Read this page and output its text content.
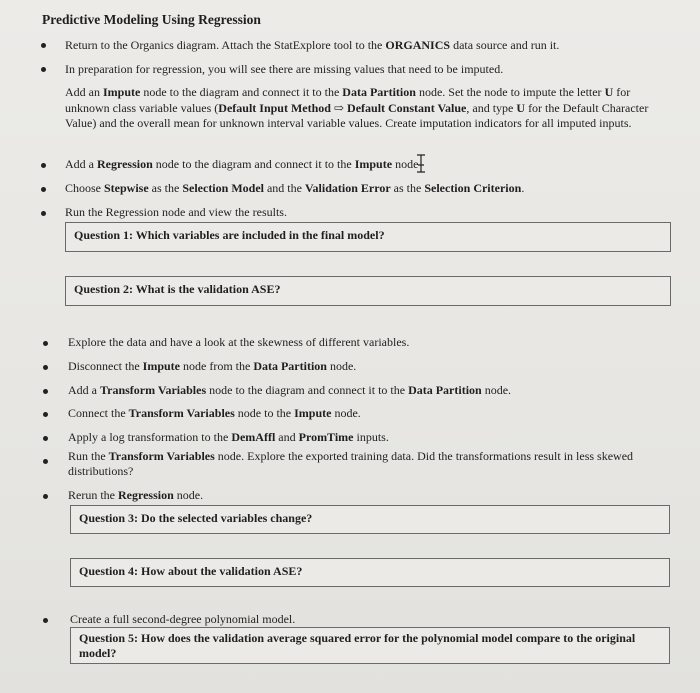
Predictive Modeling Using Regression
Return to the Organics diagram. Attach the StatExplore tool to the ORGANICS data source and run it.
In preparation for regression, you will see there are missing values that need to be imputed.
Add an Impute node to the diagram and connect it to the Data Partition node. Set the node to impute the letter U for unknown class variable values (Default Input Method ⇨ Default Constant Value, and type U for the Default Character Value) and the overall mean for unknown interval variable values. Create imputation indicators for all imputed inputs.
Add a Regression node to the diagram and connect it to the Impute node
Choose Stepwise as the Selection Model and the Validation Error as the Selection Criterion.
Run the Regression node and view the results.
Question 1: Which variables are included in the final model?
Question 2: What is the validation ASE?
Explore the data and have a look at the skewness of different variables.
Disconnect the Impute node from the Data Partition node.
Add a Transform Variables node to the diagram and connect it to the Data Partition node.
Connect the Transform Variables node to the Impute node.
Apply a log transformation to the DemAffl and PromTime inputs.
Run the Transform Variables node. Explore the exported training data. Did the transformations result in less skewed distributions?
Rerun the Regression node.
Question 3: Do the selected variables change?
Question 4: How about the validation ASE?
Create a full second-degree polynomial model.
Question 5: How does the validation average squared error for the polynomial model compare to the original model?
